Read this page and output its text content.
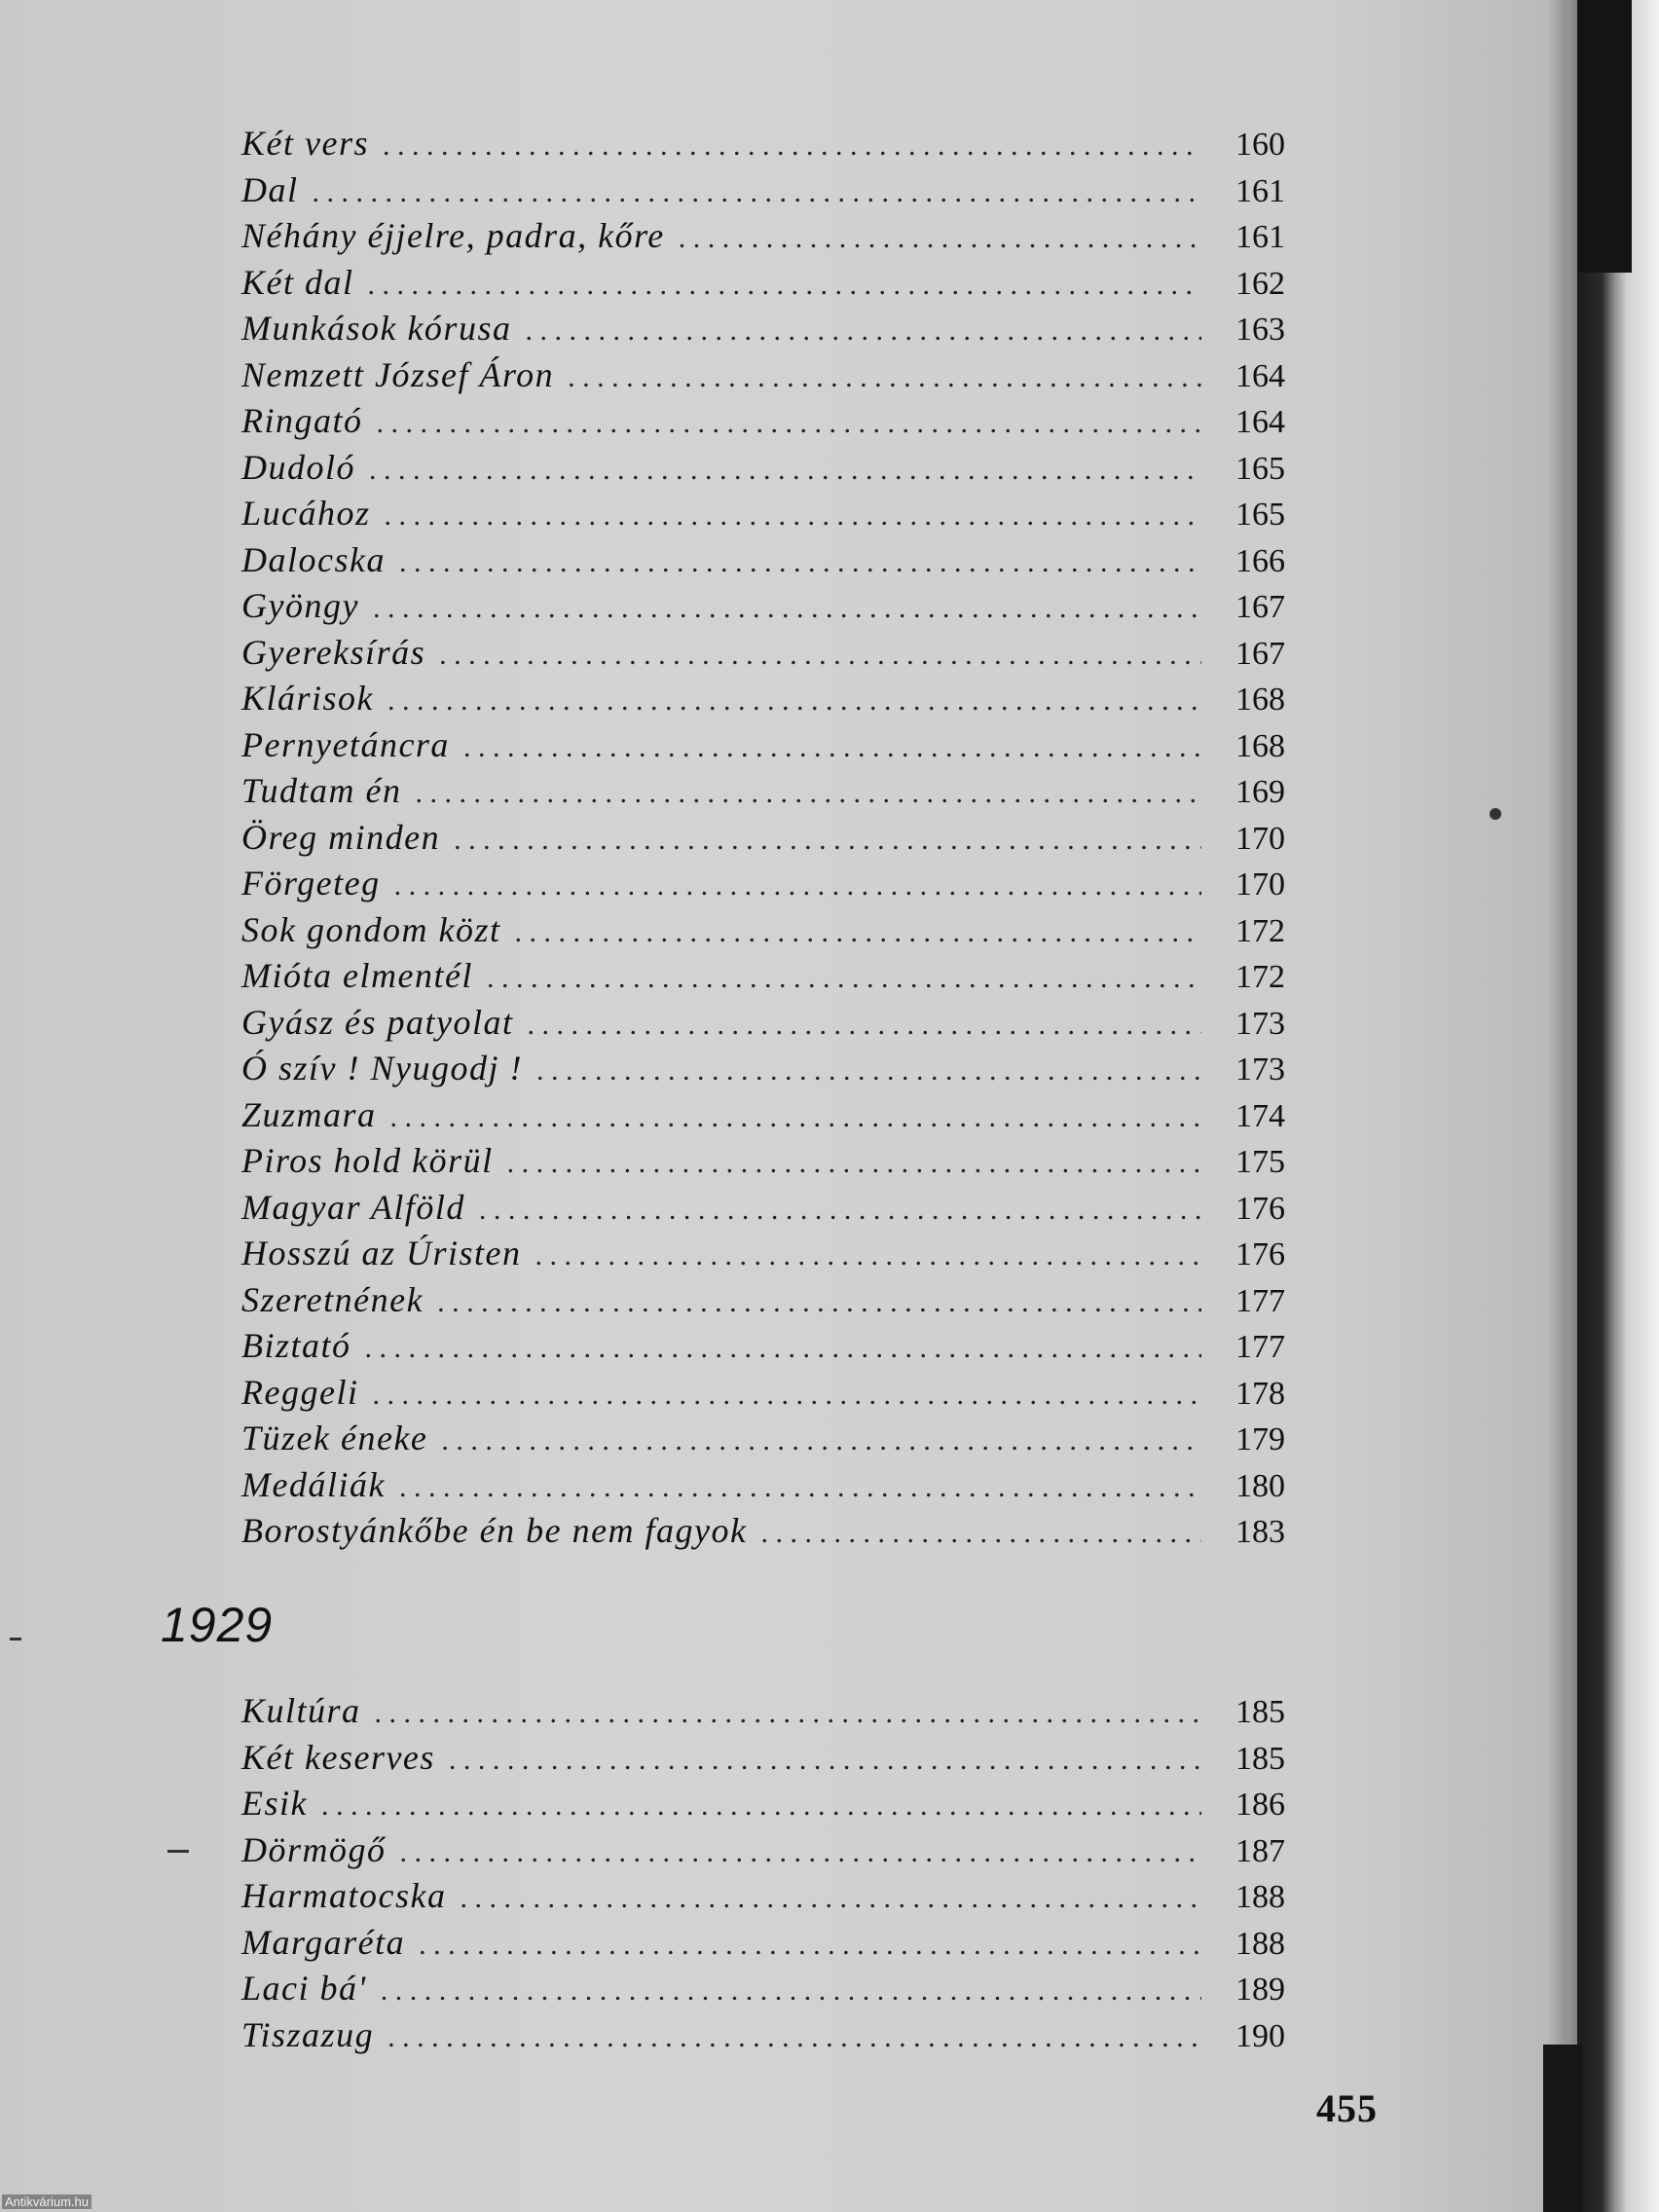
Két vers . . .	160
Dal . . .	161
Néhány éjjelre, padra, kőre . . .	161
Két dal . . .	162
Munkások kórusa . . .	163
Nemzett József Áron . . .	164
Ringató . . .	164
Dudoló . . .	165
Lucához . . .	165
Dalocska . . .	166
Gyöngy . . .	167
Gyereksírás . . .	167
Klárisok . . .	168
Pernyetáncra . . .	168
Tudtam én . . .	169
Öreg minden . . .	170
Förgeteg . . .	170
Sok gondom közt . . .	172
Mióta elmentél . . .	172
Gyász és patyolat . . .	173
Ó szív ! Nyugodj ! . . .	173
Zuzmara . . .	174
Piros hold körül . . .	175
Magyar Alföld . . .	176
Hosszú az Úristen . . .	176
Szeretnének . . .	177
Biztató . . .	177
Reggeli . . .	178
Tüzek éneke . . .	179
Medáliák . . .	180
Borostyánkőbe én be nem fagyok . . .	183
1929
Kultúra . . .	185
Két keserves . . .	185
Esik . . .	186
Dörmögő . . .	187
Harmatocska . . .	188
Margaréta . . .	188
Laci bá' . . .	189
Tiszazug . . .	190
455
Antikvárium.hu
